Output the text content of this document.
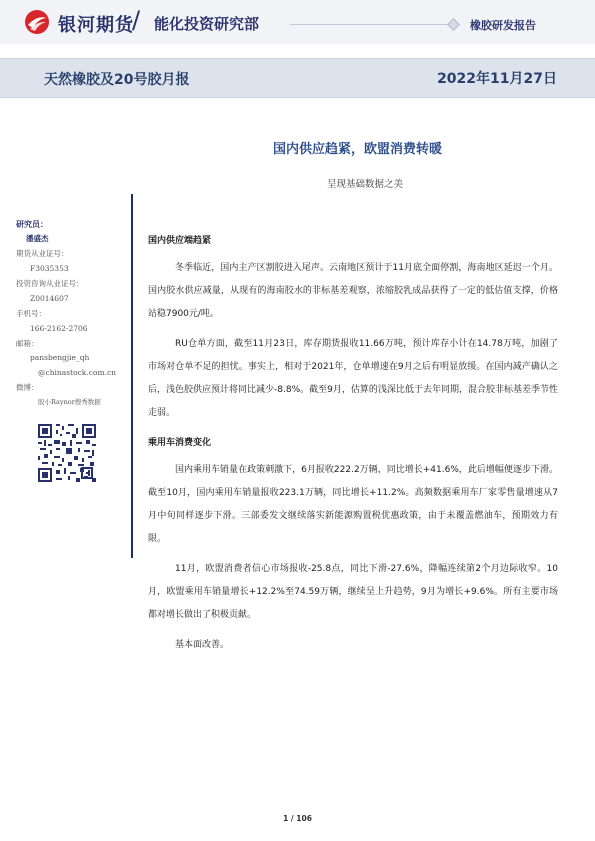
银河期货
/ 能化投资研究部	橡胶研发报告
天然橡胶及20号胶月报	2022年11月27日
国内供应趋紧，欧盟消费转暖
呈现基础数据之美
研究员：
潘盛杰
期货从业证号：
F3035353
投资咨询从业证号：
Z0014607
手机号：
166-2162-2706
邮箱：
pansbengjie_qh
@chinastock.com.cn
微博：
胶小Raynor搜秀数据
国内供应端趋紧

冬季临近，国内主产区割胶进入尾声。云南地区预计于11月底全面停割，海南地区延迟一个月。国内胶水供应减量，从现有的海南胶水的非标基差观察，浓缩胶乳成品获得了一定的低估值支撑，价格站稳7900元/吨。

RU仓单方面，截至11月23日，库存期货报收11.66万吨，预计库存小计在14.78万吨，加剧了市场对仓单不足的担忧。事实上，相对于2021年，仓单增速在9月之后有明显放缓。在国内减产确认之后，浅色胶供应预计将同比减少-8.8%。截至9月，估算的浅深比低于去年同期，混合胶非标基差季节性走弱。

乘用车消费变化

国内乘用车销量在政策刺激下，6月报收222.2万辆，同比增长+41.6%，此后增幅便逐步下滑。截至10月，国内乘用车销量报收223.1万辆，同比增长+11.2%。高频数据乘用车厂家零售量增速从7月中旬同样逐步下滑。三部委发文继续落实新能源购置税优惠政策，由于未覆盖燃油车，预期效力有限。

11月，欧盟消费者信心市场报收-25.8点，同比下滑-27.6%，降幅连续第2个月边际收窄。10月，欧盟乘用车销量增长+12.2%至74.59万辆，继续呈上升趋势，9月为增长+9.6%。所有主要市场都对增长做出了积极贡献。

基本面改善。

1 / 106
